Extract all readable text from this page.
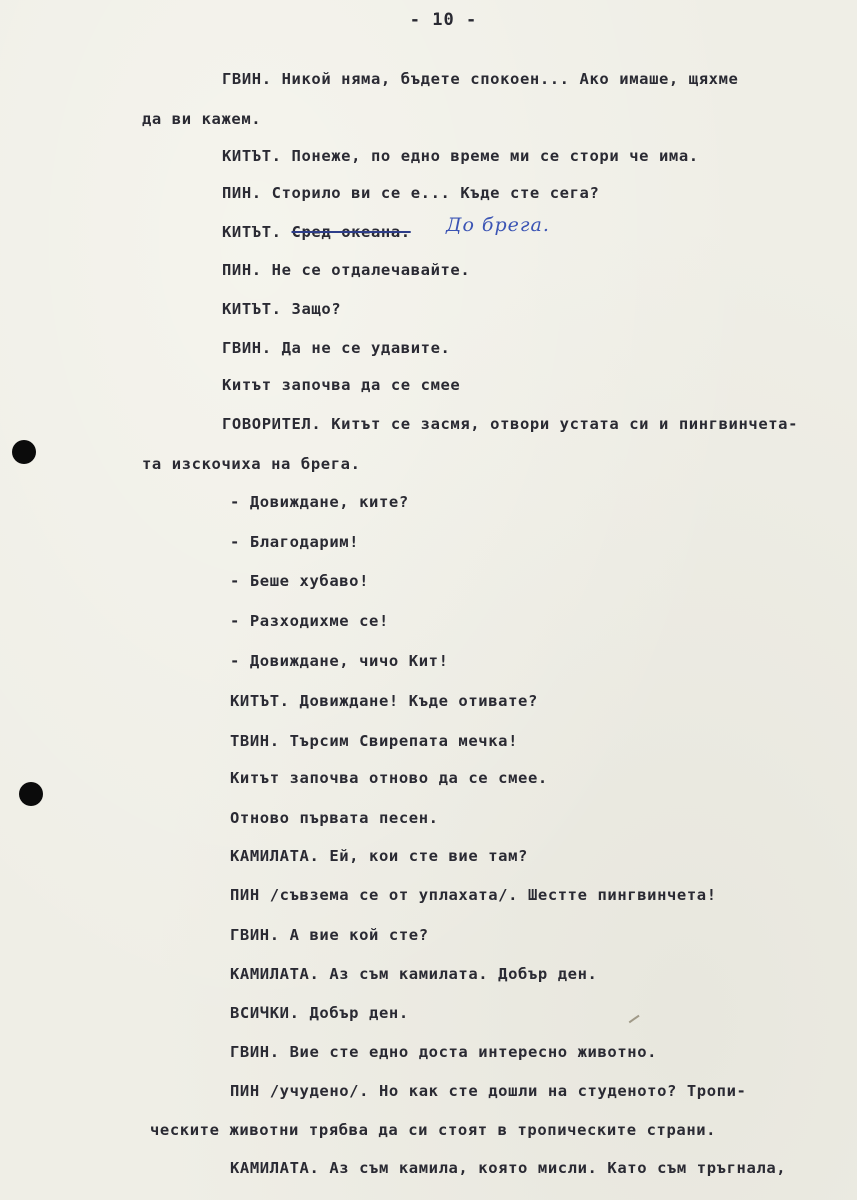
- 10 -
ГВИН. Никой няма, бъдете спокоен... Ако имаше, щяхме
да ви кажем.
КИТЪТ. Понеже, по едно време ми се стори че има.
ПИН. Сторило ви се е... Къде сте сега?
КИТЪТ. Сред океана. До брега.
ПИН. Не се отдалечавайте.
КИТЪТ. Защо?
ГВИН. Да не се удавите.
Китът започва да се смее
ГОВОРИТЕЛ. Китът се засмя, отвори устата си и пингвинчета-
та изскочиха на брега.
- Довиждане, ките?
- Благодарим!
- Беше хубаво!
- Разходихме се!
- Довиждане, чичо Кит!
КИТЪТ. Довиждане! Къде отивате?
ТВИН. Търсим Свирепата мечка!
Китът започва отново да се смее.
Отново първата песен.
КАМИЛАТА. Ей, кои сте вие там?
ПИН /съвзема се от уплахата/. Шестте пингвинчета!
ГВИН. А вие кой сте?
КАМИЛАТА. Аз съм камилата. Добър ден.
ВСИЧКИ. Добър ден.
ГВИН. Вие сте едно доста интересно животно.
ПИН /учудено/. Но как сте дошли на студеното? Тропи-
ческите животни трябва да си стоят в тропическите страни.
КАМИЛАТА. Аз съм камила, която мисли. Като съм тръгнала,
